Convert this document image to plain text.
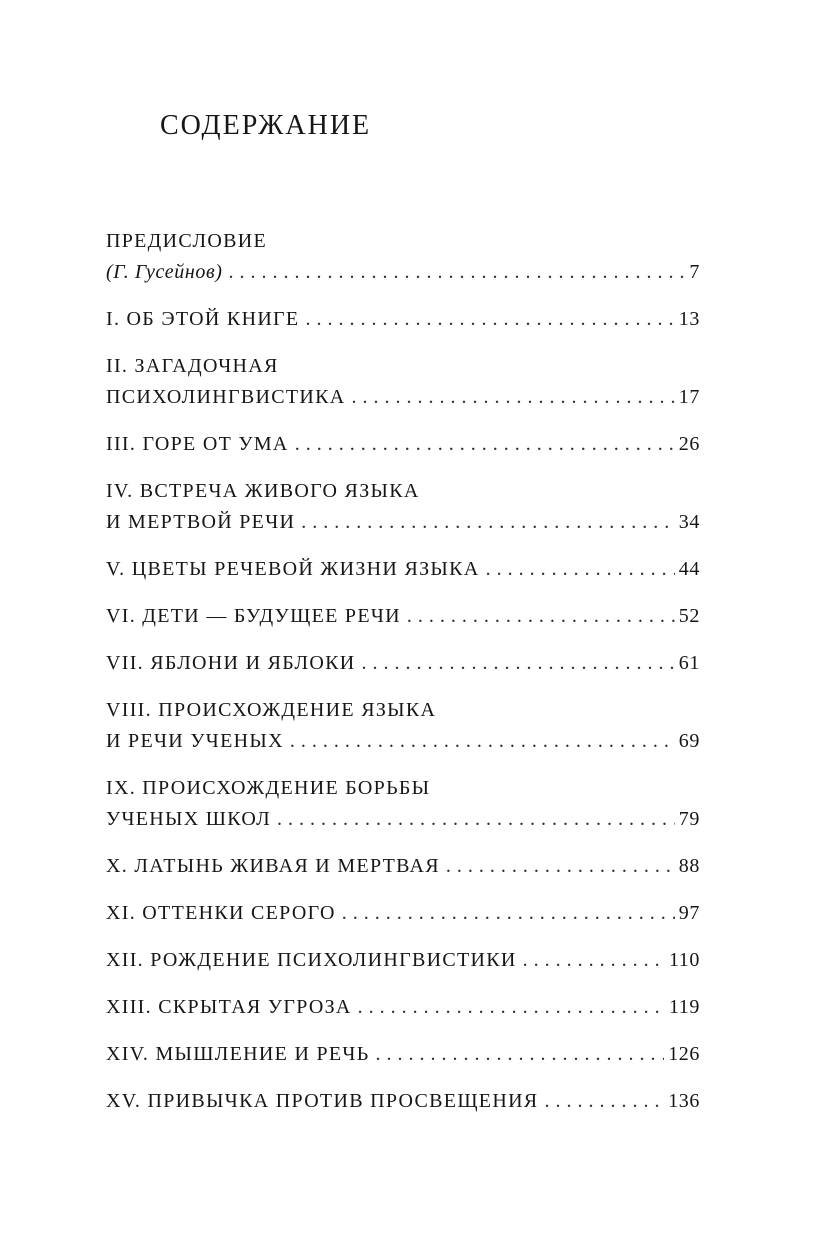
СОДЕРЖАНИЕ
ПРЕДИСЛОВИЕ
(Г. Гусейнов) . . .	7
I. ОБ ЭТОЙ КНИГЕ . . .	13
II. ЗАГАДОЧНАЯ
ПСИХОЛИНГВИСТИКА . . .	17
III. ГОРЕ ОТ УМА . . .	26
IV. ВСТРЕЧА ЖИВОГО ЯЗЫКА
И МЕРТВОЙ РЕЧИ . . .	34
V. ЦВЕТЫ РЕЧЕВОЙ ЖИЗНИ ЯЗЫКА . . .	44
VI. ДЕТИ — БУДУЩЕЕ РЕЧИ . . .	52
VII. ЯБЛОНИ И ЯБЛОКИ . . .	61
VIII. ПРОИСХОЖДЕНИЕ ЯЗЫКА
И РЕЧИ УЧЕНЫХ . . .	69
IX. ПРОИСХОЖДЕНИЕ БОРЬБЫ
УЧЕНЫХ ШКОЛ . . .	79
X. ЛАТЫНЬ ЖИВАЯ И МЕРТВАЯ . . .	88
XI. ОТТЕНКИ СЕРОГО . . .	97
XII. РОЖДЕНИЕ ПСИХОЛИНГВИСТИКИ . . .	110
XIII. СКРЫТАЯ УГРОЗА . . .	119
XIV. МЫШЛЕНИЕ И РЕЧЬ . . .	126
XV. ПРИВЫЧКА ПРОТИВ ПРОСВЕЩЕНИЯ . . .	136
